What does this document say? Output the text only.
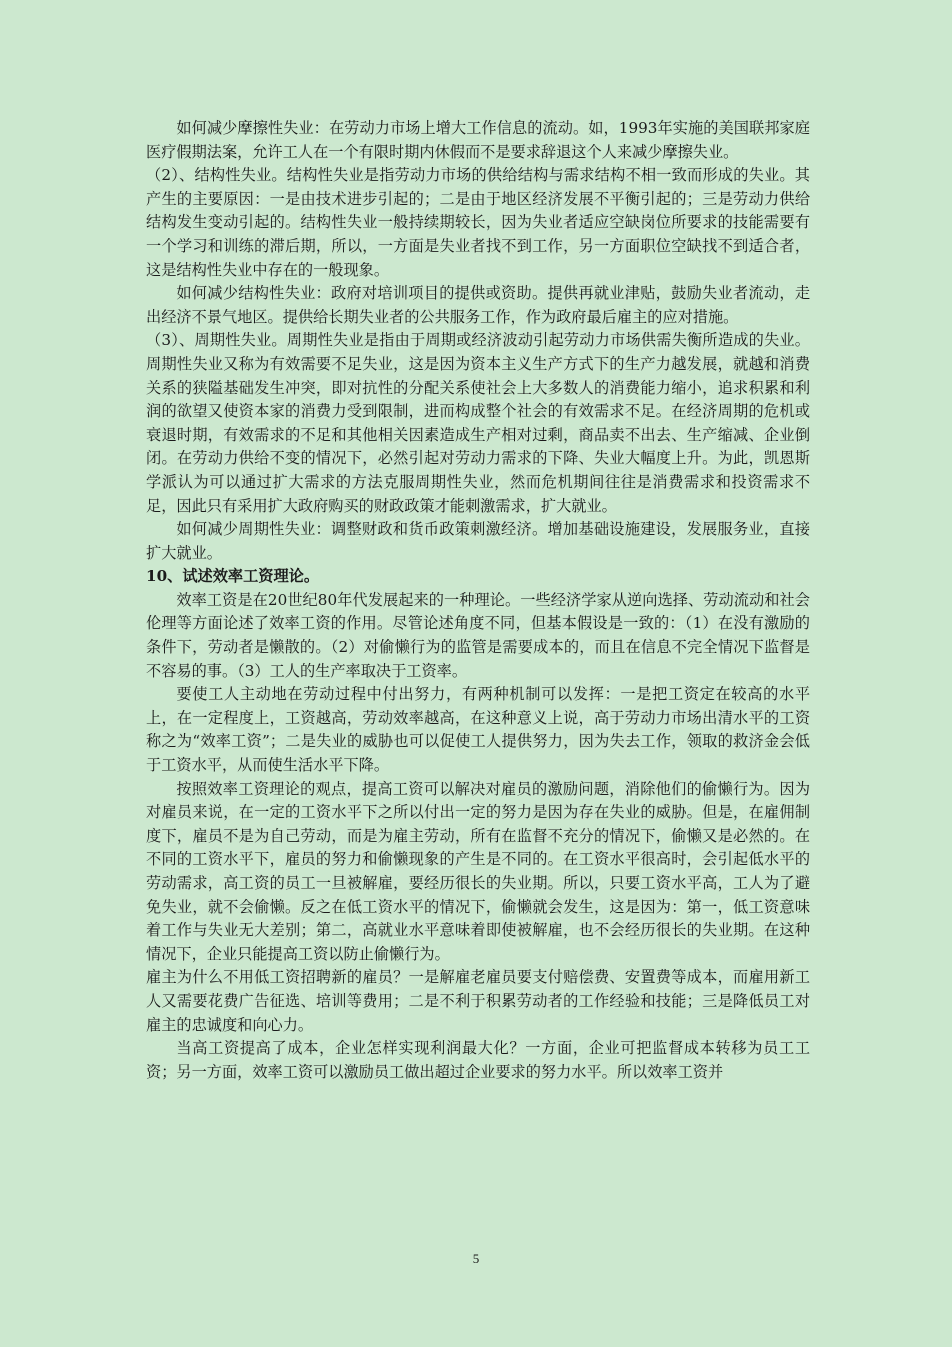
如何减少摩擦性失业：在劳动力市场上增大工作信息的流动。如，1993年实施的美国联邦家庭医疗假期法案，允许工人在一个有限时期内休假而不是要求辞退这个人来减少摩擦失业。

（2）、结构性失业。结构性失业是指劳动力市场的供给结构与需求结构不相一致而形成的失业。其产生的主要原因：一是由技术进步引起的；二是由于地区经济发展不平衡引起的；三是劳动力供给结构发生变动引起的。结构性失业一般持续期较长，因为失业者适应空缺岗位所要求的技能需要有一个学习和训练的滞后期，所以，一方面是失业者找不到工作，另一方面职位空缺找不到适合者，这是结构性失业中存在的一般现象。

如何减少结构性失业：政府对培训项目的提供或资助。提供再就业津贴，鼓励失业者流动，走出经济不景气地区。提供给长期失业者的公共服务工作，作为政府最后雇主的应对措施。

（3）、周期性失业。周期性失业是指由于周期或经济波动引起劳动力市场供需失衡所造成的失业。周期性失业又称为有效需要不足失业，这是因为资本主义生产方式下的生产力越发展，就越和消费关系的狭隘基础发生冲突，即对抗性的分配关系使社会上大多数人的消费能力缩小，追求积累和利润的欲望又使资本家的消费力受到限制，进而构成整个社会的有效需求不足。在经济周期的危机或衰退时期，有效需求的不足和其他相关因素造成生产相对过剩，商品卖不出去、生产缩减、企业倒闭。在劳动力供给不变的情况下，必然引起对劳动力需求的下降、失业大幅度上升。为此，凯恩斯学派认为可以通过扩大需求的方法克服周期性失业，然而危机期间往往是消费需求和投资需求不足，因此只有采用扩大政府购买的财政政策才能刺激需求，扩大就业。

如何减少周期性失业：调整财政和货币政策刺激经济。增加基础设施建设，发展服务业，直接扩大就业。

10、试述效率工资理论。

效率工资是在20世纪80年代发展起来的一种理论。一些经济学家从逆向选择、劳动流动和社会伦理等方面论述了效率工资的作用。尽管论述角度不同，但基本假设是一致的：（1）在没有激励的条件下，劳动者是懒散的。（2）对偷懒行为的监管是需要成本的，而且在信息不完全情况下监督是不容易的事。（3）工人的生产率取决于工资率。

要使工人主动地在劳动过程中付出努力，有两种机制可以发挥：一是把工资定在较高的水平上，在一定程度上，工资越高，劳动效率越高，在这种意义上说，高于劳动力市场出清水平的工资称之为“效率工资”；二是失业的威胁也可以促使工人提供努力，因为失去工作，领取的救济金会低于工资水平，从而使生活水平下降。

按照效率工资理论的观点，提高工资可以解决对雇员的激励问题，消除他们的偷懒行为。因为对雇员来说，在一定的工资水平下之所以付出一定的努力是因为存在失业的威胁。但是，在雇佣制度下，雇员不是为自己劳动，而是为雇主劳动，所有在监督不充分的情况下，偷懒又是必然的。在不同的工资水平下，雇员的努力和偷懒现象的产生是不同的。在工资水平很高时，会引起低水平的劳动需求，高工资的员工一旦被解雇，要经历很长的失业期。所以，只要工资水平高，工人为了避免失业，就不会偷懒。反之在低工资水平的情况下，偷懒就会发生，这是因为：第一，低工资意味着工作与失业无大差别；第二，高就业水平意味着即使被解雇，也不会经历很长的失业期。在这种情况下，企业只能提高工资以防止偷懒行为。

雇主为什么不用低工资招聘新的雇员？一是解雇老雇员要支付赔偿费、安置费等成本，而雇用新工人又需要花费广告征选、培训等费用；二是不利于积累劳动者的工作经验和技能；三是降低员工对雇主的忠诚度和向心力。

当高工资提高了成本，企业怎样实现利润最大化？一方面，企业可把监督成本转移为员工工资；另一方面，效率工资可以激励员工做出超过企业要求的努力水平。所以效率工资并

5
